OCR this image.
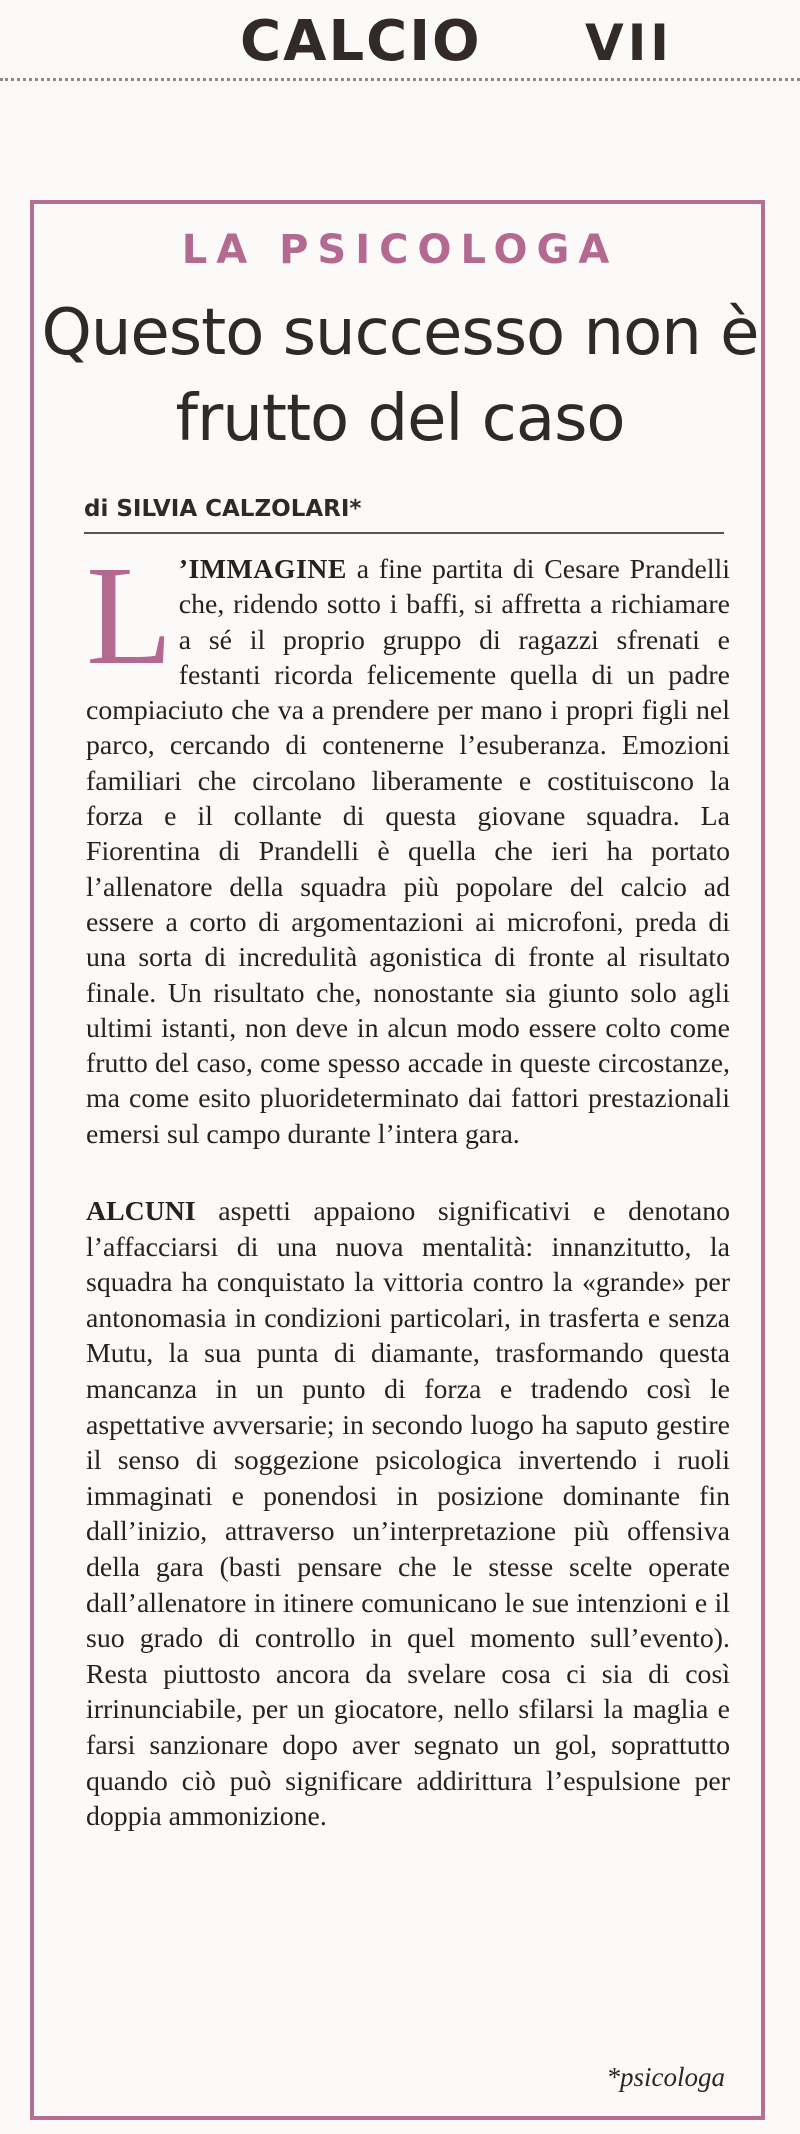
CALCIO VII
LA PSICOLOGA
Questo successo non è frutto del caso
di SILVIA CALZOLARI*

L ’IMMAGINE a fine partita di Cesare Prandelli che, ridendo sotto i baffi, si affretta a richiamare a sé il proprio gruppo di ragazzi sfrenati e festanti ricorda felicemente quella di un padre compiaciuto che va a prendere per mano i propri figli nel parco, cercando di contenerne l’esuberanza. Emozioni familiari che circolano liberamente e costituiscono la forza e il collante di questa giovane squadra. La Fiorentina di Prandelli è quella che ieri ha portato l’allenatore della squadra più popolare del calcio ad essere a corto di argomentazioni ai microfoni, preda di una sorta di incredulità agonistica di fronte al risultato finale. Un risultato che, nonostante sia giunto solo agli ultimi istanti, non deve in alcun modo essere colto come frutto del caso, come spesso accade in queste circostanze, ma come esito pluorideterminato dai fattori prestazionali emersi sul campo durante l’intera gara.

ALCUNI aspetti appaiono significativi e denotano l’affacciarsi di una nuova mentalità: innanzitutto, la squadra ha conquistato la vittoria contro la «grande» per antonomasia in condizioni particolari, in trasferta e senza Mutu, la sua punta di diamante, trasformando questa mancanza in un punto di forza e tradendo così le aspettative avversarie; in secondo luogo ha saputo gestire il senso di soggezione psicologica invertendo i ruoli immaginati e ponendosi in posizione dominante fin dall’inizio, attraverso un’interpretazione più offensiva della gara (basti pensare che le stesse scelte operate dall’allenatore in itinere comunicano le sue intenzioni e il suo grado di controllo in quel momento sull’evento). Resta piuttosto ancora da svelare cosa ci sia di così irrinunciabile, per un giocatore, nello sfilarsi la maglia e farsi sanzionare dopo aver segnato un gol, soprattutto quando ciò può significare addirittura l’espulsione per doppia ammonizione.

*psicologa
